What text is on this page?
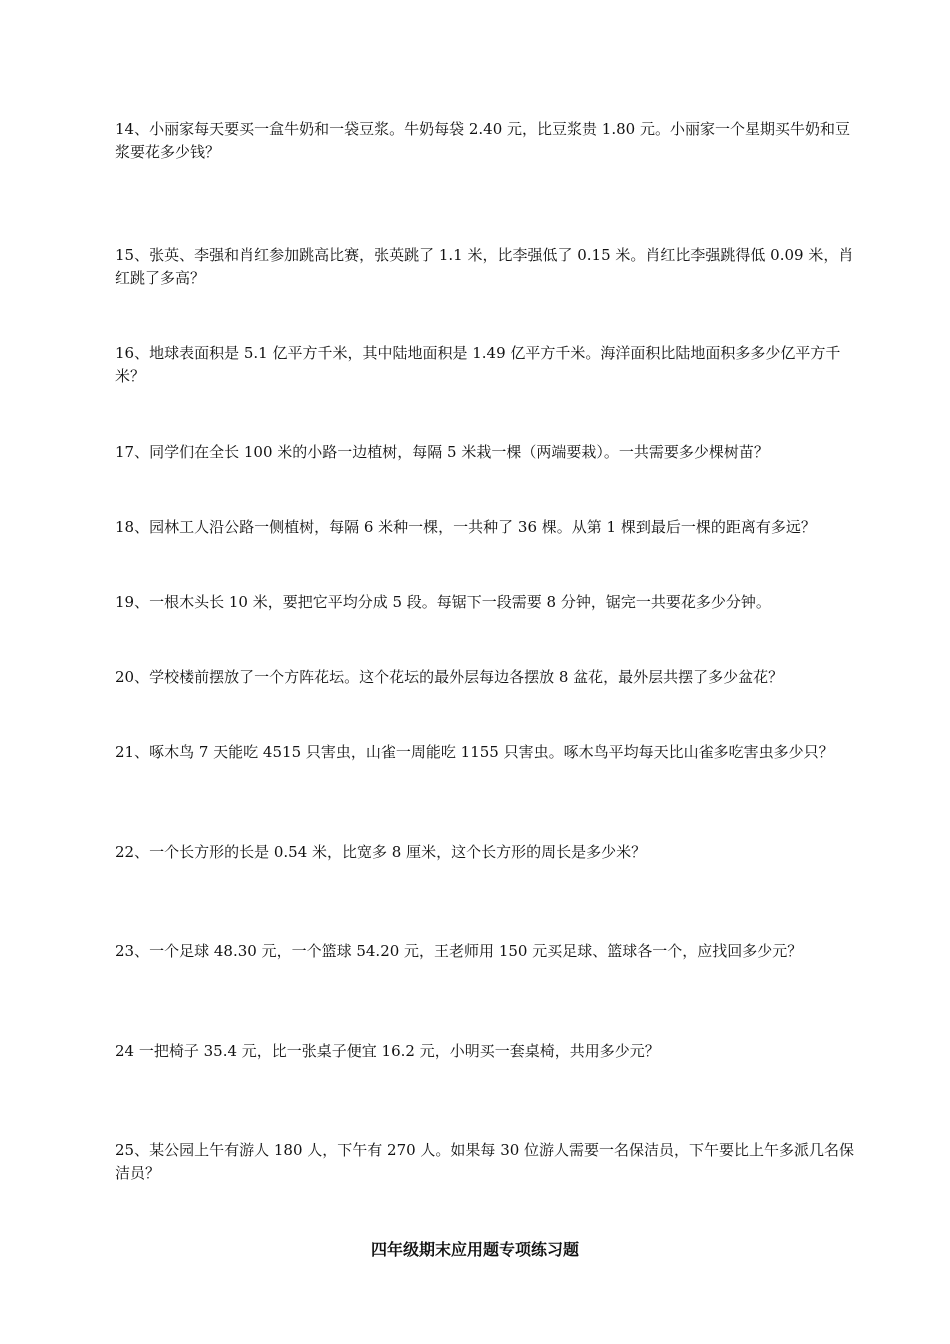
14、小丽家每天要买一盒牛奶和一袋豆浆。牛奶每袋 2.40 元，比豆浆贵 1.80 元。小丽家一个星期买牛奶和豆浆要花多少钱？

15、张英、李强和肖红参加跳高比赛，张英跳了 1.1 米，比李强低了 0.15 米。肖红比李强跳得低 0.09 米，肖红跳了多高？

16、地球表面积是 5.1 亿平方千米，其中陆地面积是 1.49 亿平方千米。海洋面积比陆地面积多多少亿平方千米？

17、同学们在全长 100 米的小路一边植树，每隔 5 米栽一棵（两端要栽）。一共需要多少棵树苗？

18、园林工人沿公路一侧植树，每隔 6 米种一棵，一共种了 36 棵。从第 1 棵到最后一棵的距离有多远？

19、一根木头长 10 米，要把它平均分成 5 段。每锯下一段需要 8 分钟，锯完一共要花多少分钟。

20、学校楼前摆放了一个方阵花坛。这个花坛的最外层每边各摆放 8 盆花，最外层共摆了多少盆花？

21、啄木鸟 7 天能吃 4515 只害虫，山雀一周能吃 1155 只害虫。啄木鸟平均每天比山雀多吃害虫多少只？

22、一个长方形的长是 0.54 米，比宽多 8 厘米，这个长方形的周长是多少米？

23、一个足球 48.30 元，一个篮球 54.20 元，王老师用 150 元买足球、篮球各一个，应找回多少元？

24 一把椅子 35.4 元，比一张桌子便宜 16.2 元，小明买一套桌椅，共用多少元？

25、某公园上午有游人 180 人，下午有 270 人。如果每 30 位游人需要一名保洁员，下午要比上午多派几名保洁员？

四年级期末应用题专项练习题
